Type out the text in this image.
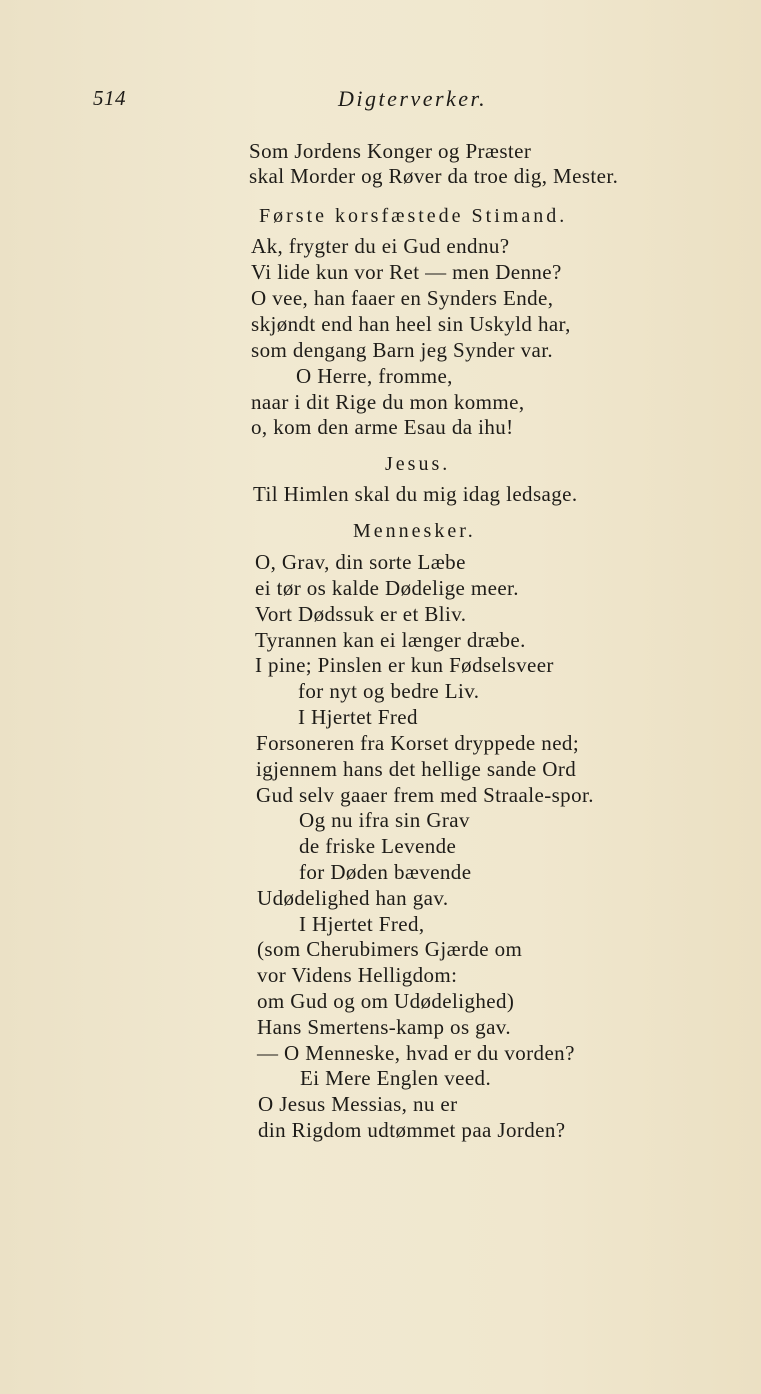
514	Digterverker.
Som Jordens Konger og Præster
skal Morder og Røver da troe dig, Mester.
Første korsfæstede Stimand.
Ak, frygter du ei Gud endnu?
Vi lide kun vor Ret — men Denne?
O vee, han faaer en Synders Ende,
skjøndt end han heel sin Uskyld har,
som dengang Barn jeg Synder var.
O Herre, fromme,
naar i dit Rige du mon komme,
o, kom den arme Esau da ihu!
Jesus.
Til Himlen skal du mig idag ledsage.
Mennesker.
O, Grav, din sorte Læbe
ei tør os kalde Dødelige meer.
Vort Dødssuk er et Bliv.
Tyrannen kan ei længer dræbe.
I pine; Pinslen er kun Fødselsveer
for nyt og bedre Liv.
I Hjertet Fred
Forsoneren fra Korset dryppede ned;
igjennem hans det hellige sande Ord
Gud selv gaaer frem med Straale-spor.
Og nu ifra sin Grav
de friske Levende
for Døden bævende
Udødelighed han gav.
I Hjertet Fred,
(som Cherubimers Gjærde om
vor Videns Helligdom:
om Gud og om Udødelighed)
Hans Smertens-kamp os gav.
— O Menneske, hvad er du vorden?
Ei Mere Englen veed.
O Jesus Messias, nu er
din Rigdom udtømmet paa Jorden?
